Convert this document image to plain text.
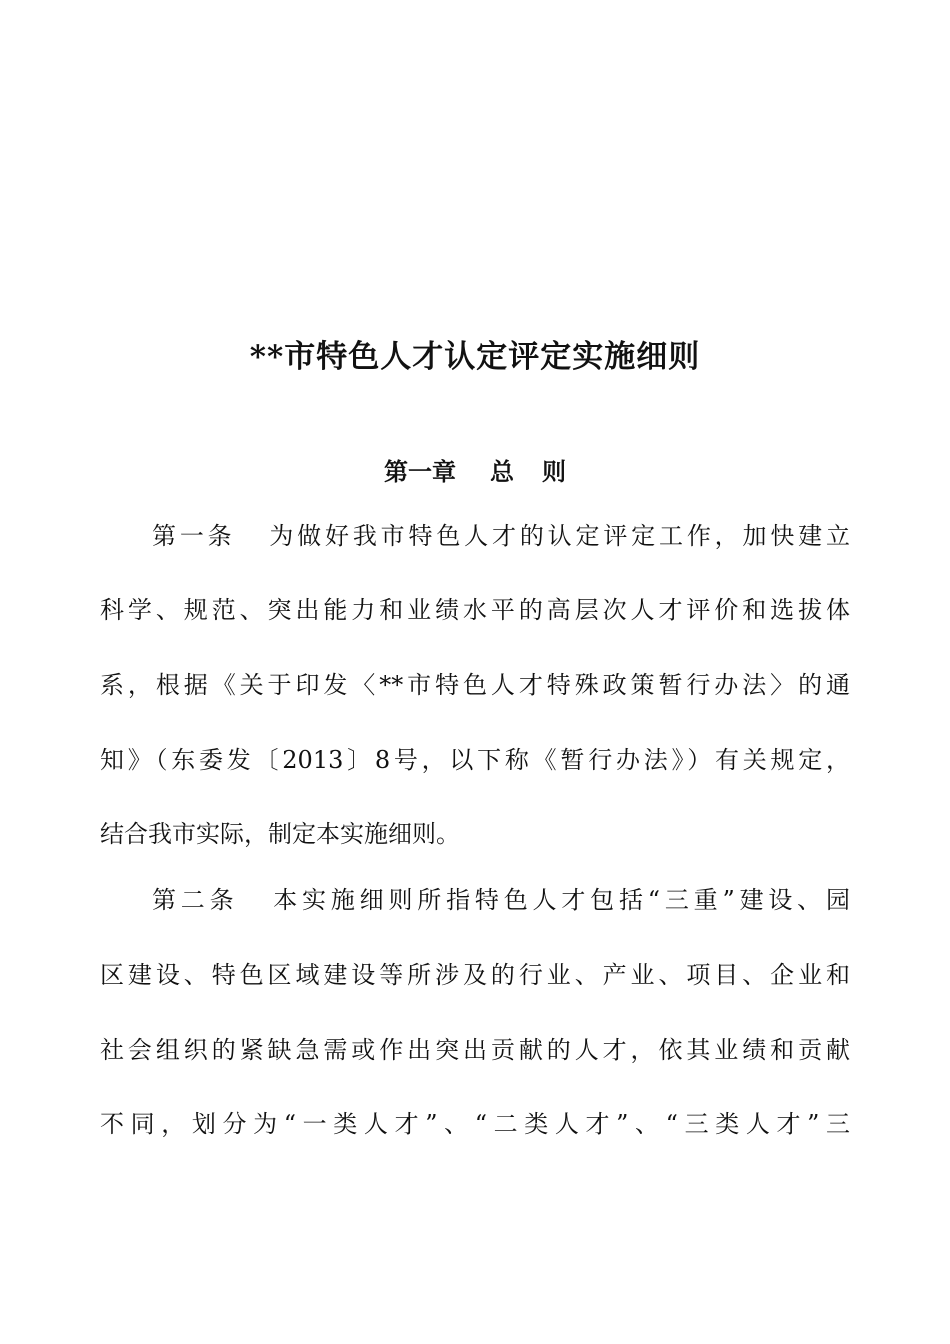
**市特色人才认定评定实施细则
第一章 总 则
第一条 为做好我市特色人才的认定评定工作，加快建立
科学、规范、突出能力和业绩水平的高层次人才评价和选拔体
系，根据《关于印发〈**市特色人才特殊政策暂行办法〉的通
知》（东委发〔2013〕8号，以下称《暂行办法》）有关规定，
结合我市实际，制定本实施细则。
第二条 本实施细则所指特色人才包括“三重”建设、园
区建设、特色区域建设等所涉及的行业、产业、项目、企业和
社会组织的紧缺急需或作出突出贡献的人才，依其业绩和贡献
不同，划分为“一类人才”、“二类人才”、“三类人才”三
